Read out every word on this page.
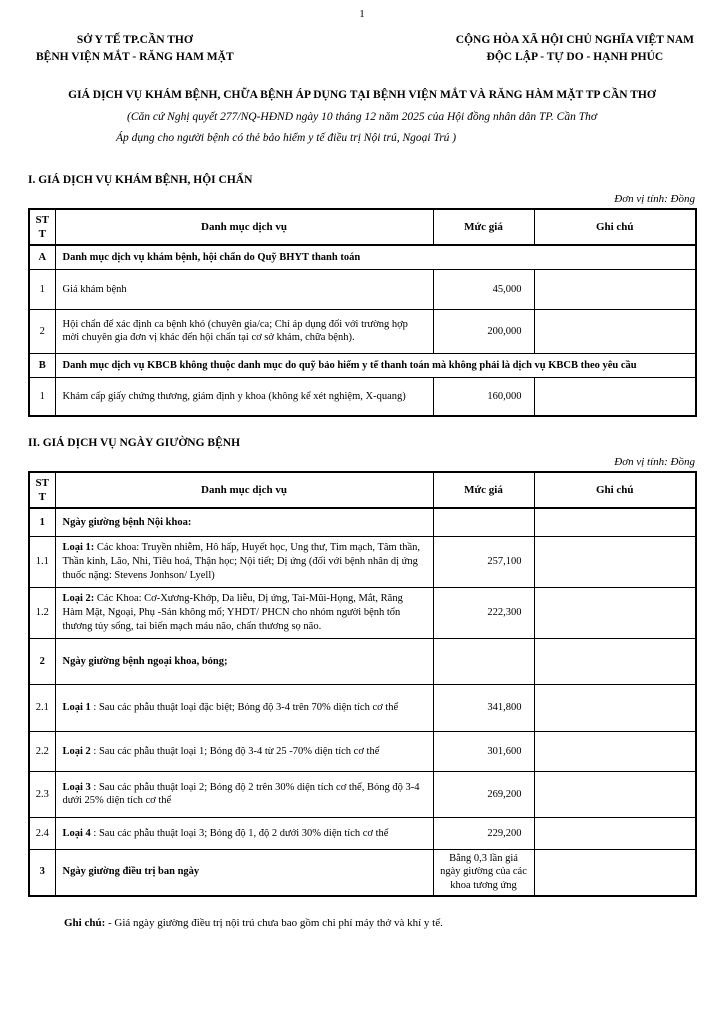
1
SỞ Y TẾ TP.CẦN THƠ
BỆNH VIỆN MẮT - RĂNG HAM MẶT
CỘNG HÒA XÃ HỘI CHỦ NGHĨA VIỆT NAM
ĐỘC LẬP - TỰ DO - HẠNH PHÚC
GIÁ DỊCH VỤ KHÁM BỆNH, CHỮA BỆNH ÁP DỤNG TẠI BỆNH VIỆN MẮT VÀ RĂNG HÀM MẶT TP CẦN THƠ
(Căn cứ Nghị quyết 277/NQ-HĐND ngày 10 tháng 12 năm 2025 của Hội đồng nhân dân TP. Cần Thơ
Áp dụng cho người bệnh có thẻ bảo hiểm y tế điều trị Nội trú, Ngoại Trú )
I. GIÁ DỊCH VỤ KHÁM BỆNH, HỘI CHẨN
Đơn vị tính: Đồng
ST
T	Danh mục dịch vụ	Mức giá	Ghi chú
A	Danh mục dịch vụ khám bệnh, hội chẩn do Quỹ BHYT thanh toán		
1	Giá khám bệnh	45,000	
2	Hội chẩn để xác định ca bệnh khó (chuyên gia/ca; Chỉ áp dụng đối với trường hợp mời chuyên gia đơn vị khác đến hội chẩn tại cơ sở khám, chữa bệnh).	200,000	
B	Danh mục dịch vụ KBCB không thuộc danh mục do quỹ bảo hiểm y tế thanh toán mà không phải là dịch vụ KBCB theo yêu cầu		
1	Khám cấp giấy chứng thương, giám định y khoa (không kể xét nghiệm, X-quang)	160,000	
II. GIÁ DỊCH VỤ NGÀY GIƯỜNG BỆNH
Đơn vị tính: Đồng
ST
T	Danh mục dịch vụ	Mức giá	Ghi chú
1	Ngày giường bệnh Nội khoa:		
1.1	Loại 1: Các khoa: Truyền nhiễm, Hô hấp, Huyết học, Ung thư, Tim mạch, Tâm thần, Thần kinh, Lão, Nhi, Tiêu hoá, Thận học; Nội tiết; Dị ứng (đối với bệnh nhân dị ứng thuốc nặng: Stevens Jonhson/ Lyell)	257,100	
1.2	Loại 2: Các Khoa: Cơ-Xương-Khớp, Da liễu, Dị ứng, Tai-Mũi-Họng, Mắt, Răng Hàm Mặt, Ngoại, Phụ -Sản không mổ; YHDT/ PHCN cho nhóm người bệnh tổn thương tủy sống, tai biến mạch máu não, chấn thương sọ não.	222,300	
2	Ngày giường bệnh ngoại khoa, bỏng;		
2.1	Loại 1 : Sau các phẫu thuật loại đặc biệt; Bỏng độ 3-4 trên 70% diện tích cơ thể	341,800	
2.2	Loại 2 : Sau các phẫu thuật loại 1; Bỏng độ 3-4 từ 25 -70% diện tích cơ thể	301,600	
2.3	Loại 3 : Sau các phẫu thuật loại 2; Bỏng độ 2 trên 30% diện tích cơ thể, Bỏng độ 3-4 dưới 25% diện tích cơ thể	269,200	
2.4	Loại 4 : Sau các phẫu thuật loại 3; Bỏng độ 1, độ 2 dưới 30% diện tích cơ thể	229,200	
3	Ngày giường điều trị ban ngày	Bằng 0,3 lần giá ngày giường của các khoa tương ứng	
Ghi chú: - Giá ngày giường điều trị nội trú chưa bao gồm chi phí máy thở và khí y tế.
